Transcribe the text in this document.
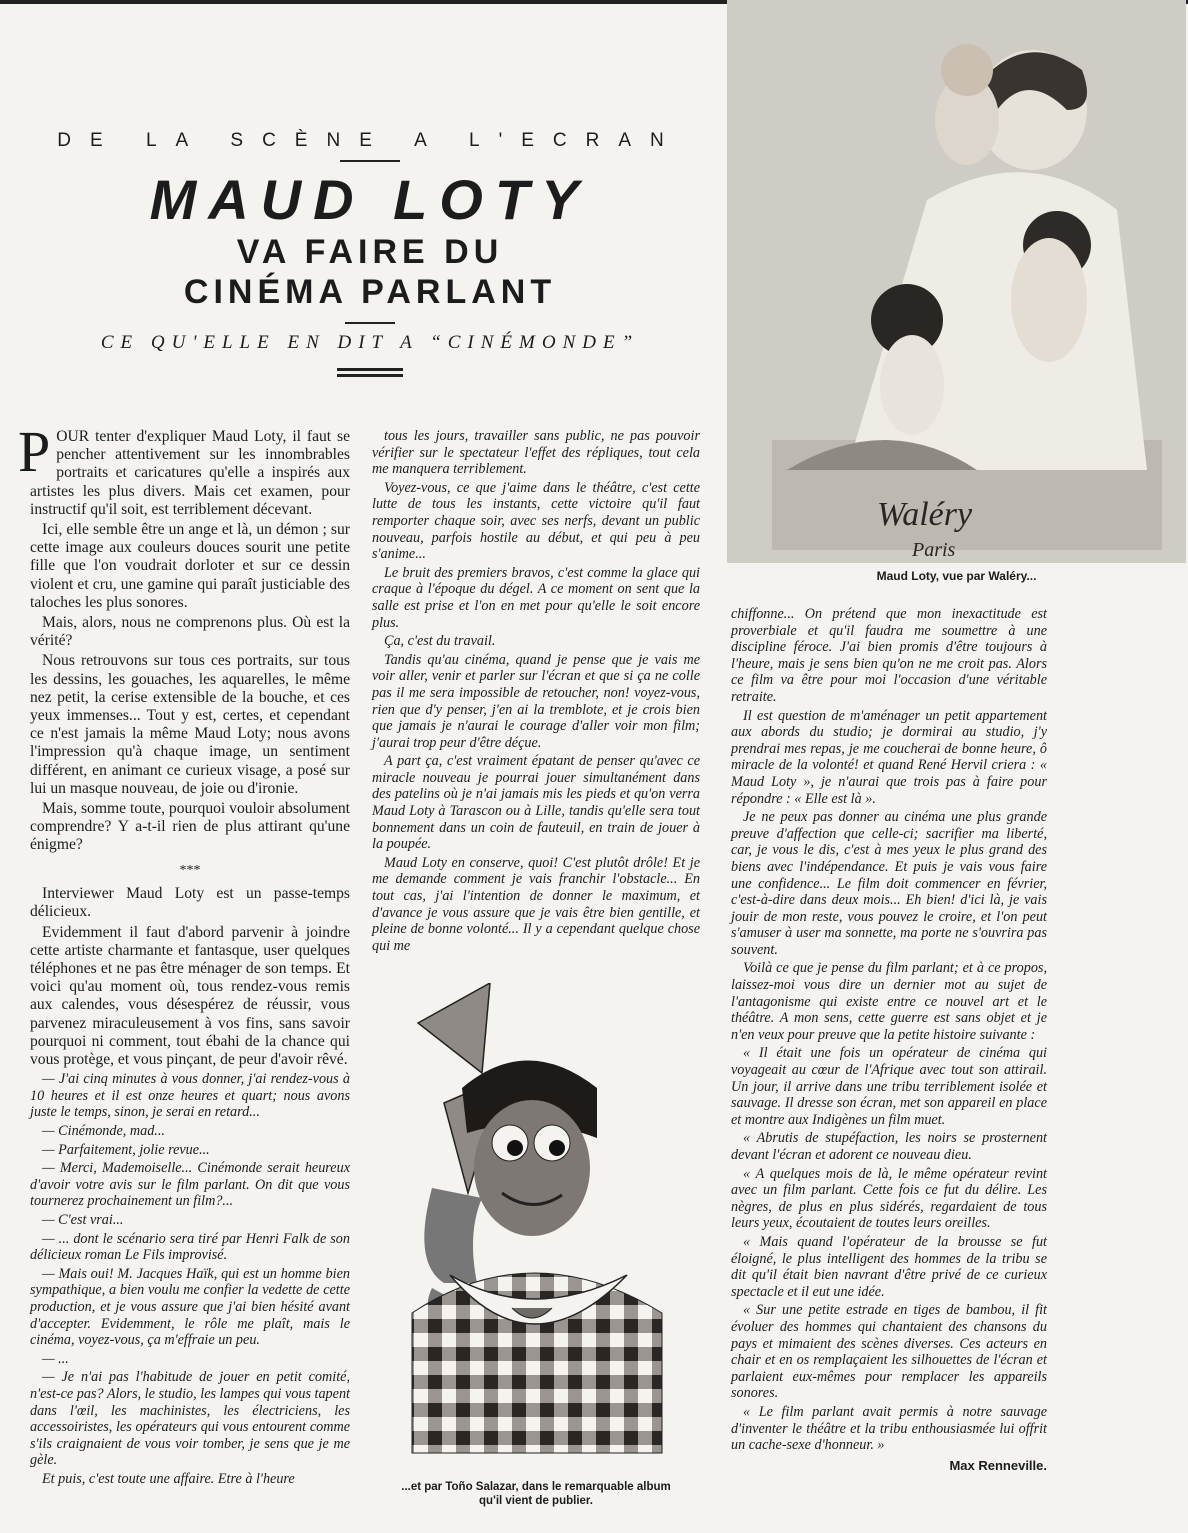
DE LA SCÈNE A L'ECRAN

MAUD LOTY
VA FAIRE DU
CINÉMA PARLANT

CE QU'ELLE EN DIT A “CINÉMONDE”

Waléry
Paris
Maud Loty, vue par Waléry...

POUR tenter d'expliquer Maud Loty, il faut se pencher attentivement sur les innombrables portraits et caricatures qu'elle a inspirés aux artistes les plus divers. Mais cet examen, pour instructif qu'il soit, est terriblement décevant.

Ici, elle semble être un ange et là, un démon ; sur cette image aux couleurs douces sourit une petite fille que l'on voudrait dorloter et sur ce dessin violent et cru, une gamine qui paraît justiciable des taloches les plus sonores.

Mais, alors, nous ne comprenons plus. Où est la vérité?

Nous retrouvons sur tous ces portraits, sur tous les dessins, les gouaches, les aquarelles, le même nez petit, la cerise extensible de la bouche, et ces yeux immenses... Tout y est, certes, et cependant ce n'est jamais la même Maud Loty; nous avons l'impression qu'à chaque image, un sentiment différent, en animant ce curieux visage, a posé sur lui un masque nouveau, de joie ou d'ironie.

Mais, somme toute, pourquoi vouloir absolument comprendre? Y a-t-il rien de plus attirant qu'une énigme?

***

Interviewer Maud Loty est un passe-temps délicieux.

Evidemment il faut d'abord parvenir à joindre cette artiste charmante et fantasque, user quelques téléphones et ne pas être ménager de son temps. Et voici qu'au moment où, tous rendez-vous remis aux calendes, vous désespérez de réussir, vous parvenez miraculeusement à vos fins, sans savoir pourquoi ni comment, tout ébahi de la chance qui vous protège, et vous pinçant, de peur d'avoir rêvé.

— J'ai cinq minutes à vous donner, j'ai rendez-vous à 10 heures et il est onze heures et quart; nous avons juste le temps, sinon, je serai en retard...

— Cinémonde, mad...

— Parfaitement, jolie revue...

— Merci, Mademoiselle... Cinémonde serait heureux d'avoir votre avis sur le film parlant. On dit que vous tournerez prochainement un film?...

— C'est vrai...

— ... dont le scénario sera tiré par Henri Falk de son délicieux roman Le Fils improvisé.

— Mais oui! M. Jacques Haïk, qui est un homme bien sympathique, a bien voulu me confier la vedette de cette production, et je vous assure que j'ai bien hésité avant d'accepter. Evidemment, le rôle me plaît, mais le cinéma, voyez-vous, ça m'effraie un peu.

— ...

— Je n'ai pas l'habitude de jouer en petit comité, n'est-ce pas? Alors, le studio, les lampes qui vous tapent dans l'œil, les machinistes, les électriciens, les accessoiristes, les opérateurs qui vous entourent comme s'ils craignaient de vous voir tomber, je sens que je me gèle.

Et puis, c'est toute une affaire. Etre à l'heure

tous les jours, travailler sans public, ne pas pouvoir vérifier sur le spectateur l'effet des répliques, tout cela me manquera terriblement.

Voyez-vous, ce que j'aime dans le théâtre, c'est cette lutte de tous les instants, cette victoire qu'il faut remporter chaque soir, avec ses nerfs, devant un public nouveau, parfois hostile au début, et qui peu à peu s'anime...

Le bruit des premiers bravos, c'est comme la glace qui craque à l'époque du dégel. A ce moment on sent que la salle est prise et l'on en met pour qu'elle le soit encore plus.

Ça, c'est du travail.

Tandis qu'au cinéma, quand je pense que je vais me voir aller, venir et parler sur l'écran et que si ça ne colle pas il me sera impossible de retoucher, non! voyez-vous, rien que d'y penser, j'en ai la tremblote, et je crois bien que jamais je n'aurai le courage d'aller voir mon film; j'aurai trop peur d'être déçue.

A part ça, c'est vraiment épatant de penser qu'avec ce miracle nouveau je pourrai jouer simultanément dans des patelins où je n'ai jamais mis les pieds et qu'on verra Maud Loty à Tarascon ou à Lille, tandis qu'elle sera tout bonnement dans un coin de fauteuil, en train de jouer à la poupée.

Maud Loty en conserve, quoi! C'est plutôt drôle! Et je me demande comment je vais franchir l'obstacle... En tout cas, j'ai l'intention de donner le maximum, et d'avance je vous assure que je vais être bien gentille, et pleine de bonne volonté... Il y a cependant quelque chose qui me

...et par Toño Salazar, dans le remarquable album
qu'il vient de publier.

chiffonne... On prétend que mon inexactitude est proverbiale et qu'il faudra me soumettre à une discipline féroce. J'ai bien promis d'être toujours à l'heure, mais je sens bien qu'on ne me croit pas. Alors ce film va être pour moi l'occasion d'une véritable retraite.

Il est question de m'aménager un petit appartement aux abords du studio; je dormirai au studio, j'y prendrai mes repas, je me coucherai de bonne heure, ô miracle de la volonté! et quand René Hervil criera : « Maud Loty », je n'aurai que trois pas à faire pour répondre : « Elle est là ».

Je ne peux pas donner au cinéma une plus grande preuve d'affection que celle-ci; sacrifier ma liberté, car, je vous le dis, c'est à mes yeux le plus grand des biens avec l'indépendance. Et puis je vais vous faire une confidence... Le film doit commencer en février, c'est-à-dire dans deux mois... Eh bien! d'ici là, je vais jouir de mon reste, vous pouvez le croire, et l'on peut s'amuser à user ma sonnette, ma porte ne s'ouvrira pas souvent.

Voilà ce que je pense du film parlant; et à ce propos, laissez-moi vous dire un dernier mot au sujet de l'antagonisme qui existe entre ce nouvel art et le théâtre. A mon sens, cette guerre est sans objet et je n'en veux pour preuve que la petite histoire suivante :

« Il était une fois un opérateur de cinéma qui voyageait au cœur de l'Afrique avec tout son attirail. Un jour, il arrive dans une tribu terriblement isolée et sauvage. Il dresse son écran, met son appareil en place et montre aux Indigènes un film muet.

« Abrutis de stupéfaction, les noirs se prosternent devant l'écran et adorent ce nouveau dieu.

« A quelques mois de là, le même opérateur revint avec un film parlant. Cette fois ce fut du délire. Les nègres, de plus en plus sidérés, regardaient de tous leurs yeux, écoutaient de toutes leurs oreilles.

« Mais quand l'opérateur de la brousse se fut éloigné, le plus intelligent des hommes de la tribu se dit qu'il était bien navrant d'être privé de ce curieux spectacle et il eut une idée.

« Sur une petite estrade en tiges de bambou, il fit évoluer des hommes qui chantaient des chansons du pays et mimaient des scènes diverses. Ces acteurs en chair et en os remplaçaient les silhouettes de l'écran et parlaient eux-mêmes pour remplacer les appareils sonores.

« Le film parlant avait permis à notre sauvage d'inventer le théâtre et la tribu enthousiasmée lui offrit un cache-sexe d'honneur. »

Max Renneville.
